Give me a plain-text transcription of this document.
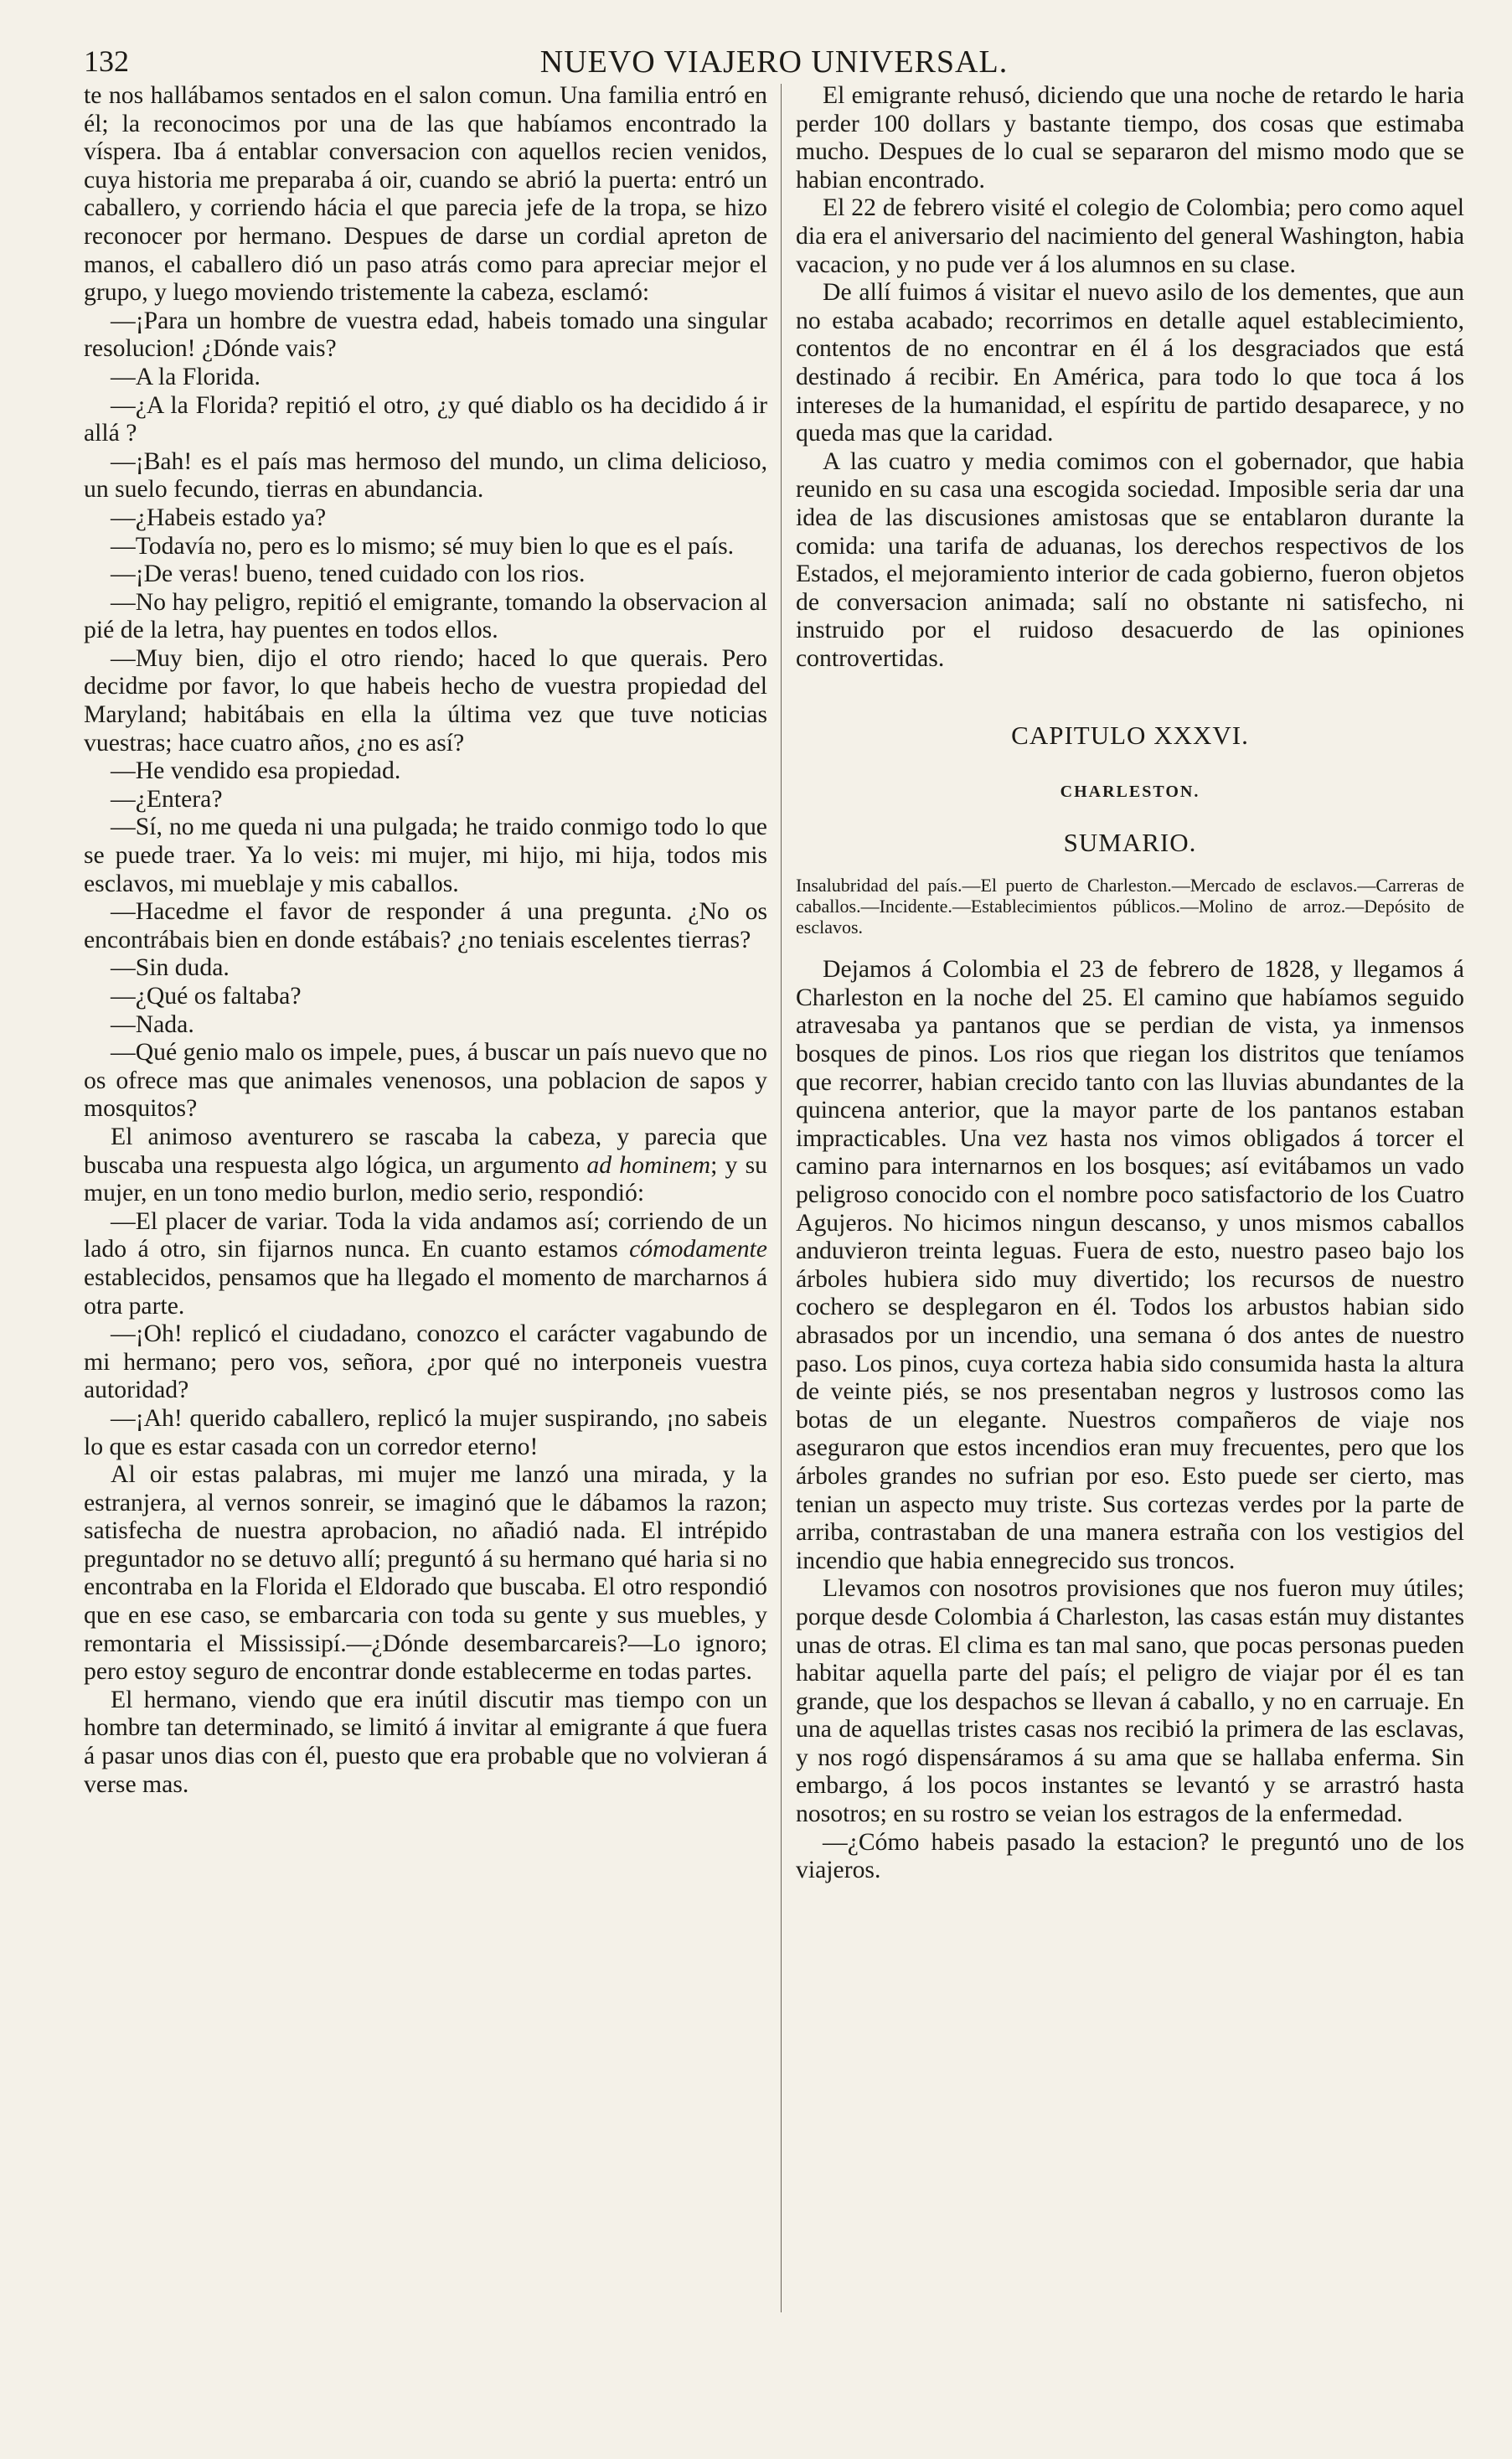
132	NUEVO VIAJERO UNIVERSAL.

te nos hallábamos sentados en el salon comun. Una familia entró en él; la reconocimos por una de las que habíamos encontrado la víspera. Iba á entablar conversacion con aquellos recien venidos, cuya historia me preparaba á oir, cuando se abrió la puerta: entró un caballero, y corriendo hácia el que parecia jefe de la tropa, se hizo reconocer por hermano. Despues de darse un cordial apreton de manos, el caballero dió un paso atrás como para apreciar mejor el grupo, y luego moviendo tristemente la cabeza, esclamó:

—¡Para un hombre de vuestra edad, habeis tomado una singular resolucion! ¿Dónde vais?

—A la Florida.

—¿A la Florida? repitió el otro, ¿y qué diablo os ha decidido á ir allá ?

—¡Bah! es el país mas hermoso del mundo, un clima delicioso, un suelo fecundo, tierras en abundancia.

—¿Habeis estado ya?

—Todavía no, pero es lo mismo; sé muy bien lo que es el país.

—¡De veras! bueno, tened cuidado con los rios.

—No hay peligro, repitió el emigrante, tomando la observacion al pié de la letra, hay puentes en todos ellos.

—Muy bien, dijo el otro riendo; haced lo que querais. Pero decidme por favor, lo que habeis hecho de vuestra propiedad del Maryland; habitábais en ella la última vez que tuve noticias vuestras; hace cuatro años, ¿no es así?

—He vendido esa propiedad.

—¿Entera?

—Sí, no me queda ni una pulgada; he traido conmigo todo lo que se puede traer. Ya lo veis: mi mujer, mi hijo, mi hija, todos mis esclavos, mi mueblaje y mis caballos.

—Hacedme el favor de responder á una pregunta. ¿No os encontrábais bien en donde estábais? ¿no teniais escelentes tierras?

—Sin duda.

—¿Qué os faltaba?

—Nada.

—Qué genio malo os impele, pues, á buscar un país nuevo que no os ofrece mas que animales venenosos, una poblacion de sapos y mosquitos?

El animoso aventurero se rascaba la cabeza, y parecia que buscaba una respuesta algo lógica, un argumento ad hominem; y su mujer, en un tono medio burlon, medio serio, respondió:

—El placer de variar. Toda la vida andamos así; corriendo de un lado á otro, sin fijarnos nunca. En cuanto estamos cómodamente establecidos, pensamos que ha llegado el momento de marcharnos á otra parte.

—¡Oh! replicó el ciudadano, conozco el carácter vagabundo de mi hermano; pero vos, señora, ¿por qué no interponeis vuestra autoridad?

—¡Ah! querido caballero, replicó la mujer suspirando, ¡no sabeis lo que es estar casada con un corredor eterno!

Al oir estas palabras, mi mujer me lanzó una mirada, y la estranjera, al vernos sonreir, se imaginó que le dábamos la razon; satisfecha de nuestra aprobacion, no añadió nada. El intrépido preguntador no se detuvo allí; preguntó á su hermano qué haria si no encontraba en la Florida el Eldorado que buscaba. El otro respondió que en ese caso, se embarcaria con toda su gente y sus muebles, y remontaria el Mississipí.—¿Dónde desembarcareis?—Lo ignoro; pero estoy seguro de encontrar donde establecerme en todas partes.

El hermano, viendo que era inútil discutir mas tiempo con un hombre tan determinado, se limitó á invitar al emigrante á que fuera á pasar unos dias con él, puesto que era probable que no volvieran á verse mas.

El emigrante rehusó, diciendo que una noche de retardo le haria perder 100 dollars y bastante tiempo, dos cosas que estimaba mucho. Despues de lo cual se separaron del mismo modo que se habian encontrado.

El 22 de febrero visité el colegio de Colombia; pero como aquel dia era el aniversario del nacimiento del general Washington, habia vacacion, y no pude ver á los alumnos en su clase.

De allí fuimos á visitar el nuevo asilo de los dementes, que aun no estaba acabado; recorrimos en detalle aquel establecimiento, contentos de no encontrar en él á los desgraciados que está destinado á recibir. En América, para todo lo que toca á los intereses de la humanidad, el espíritu de partido desaparece, y no queda mas que la caridad.

A las cuatro y media comimos con el gobernador, que habia reunido en su casa una escogida sociedad. Imposible seria dar una idea de las discusiones amistosas que se entablaron durante la comida: una tarifa de aduanas, los derechos respectivos de los Estados, el mejoramiento interior de cada gobierno, fueron objetos de conversacion animada; salí no obstante ni satisfecho, ni instruido por el ruidoso desacuerdo de las opiniones controvertidas.

CAPITULO XXXVI.
CHARLESTON.
SUMARIO.

Insalubridad del país.—El puerto de Charleston.—Mercado de esclavos.—Carreras de caballos.—Incidente.—Establecimientos públicos.—Molino de arroz.—Depósito de esclavos.

Dejamos á Colombia el 23 de febrero de 1828, y llegamos á Charleston en la noche del 25. El camino que habíamos seguido atravesaba ya pantanos que se perdian de vista, ya inmensos bosques de pinos. Los rios que riegan los distritos que teníamos que recorrer, habian crecido tanto con las lluvias abundantes de la quincena anterior, que la mayor parte de los pantanos estaban impracticables. Una vez hasta nos vimos obligados á torcer el camino para internarnos en los bosques; así evitábamos un vado peligroso conocido con el nombre poco satisfactorio de los Cuatro Agujeros. No hicimos ningun descanso, y unos mismos caballos anduvieron treinta leguas. Fuera de esto, nuestro paseo bajo los árboles hubiera sido muy divertido; los recursos de nuestro cochero se desplegaron en él. Todos los arbustos habian sido abrasados por un incendio, una semana ó dos antes de nuestro paso. Los pinos, cuya corteza habia sido consumida hasta la altura de veinte piés, se nos presentaban negros y lustrosos como las botas de un elegante. Nuestros compañeros de viaje nos aseguraron que estos incendios eran muy frecuentes, pero que los árboles grandes no sufrian por eso. Esto puede ser cierto, mas tenian un aspecto muy triste. Sus cortezas verdes por la parte de arriba, contrastaban de una manera estraña con los vestigios del incendio que habia ennegrecido sus troncos.

Llevamos con nosotros provisiones que nos fueron muy útiles; porque desde Colombia á Charleston, las casas están muy distantes unas de otras. El clima es tan mal sano, que pocas personas pueden habitar aquella parte del país; el peligro de viajar por él es tan grande, que los despachos se llevan á caballo, y no en carruaje. En una de aquellas tristes casas nos recibió la primera de las esclavas, y nos rogó dispensáramos á su ama que se hallaba enferma. Sin embargo, á los pocos instantes se levantó y se arrastró hasta nosotros; en su rostro se veian los estragos de la enfermedad.

—¿Cómo habeis pasado la estacion? le preguntó uno de los viajeros.
